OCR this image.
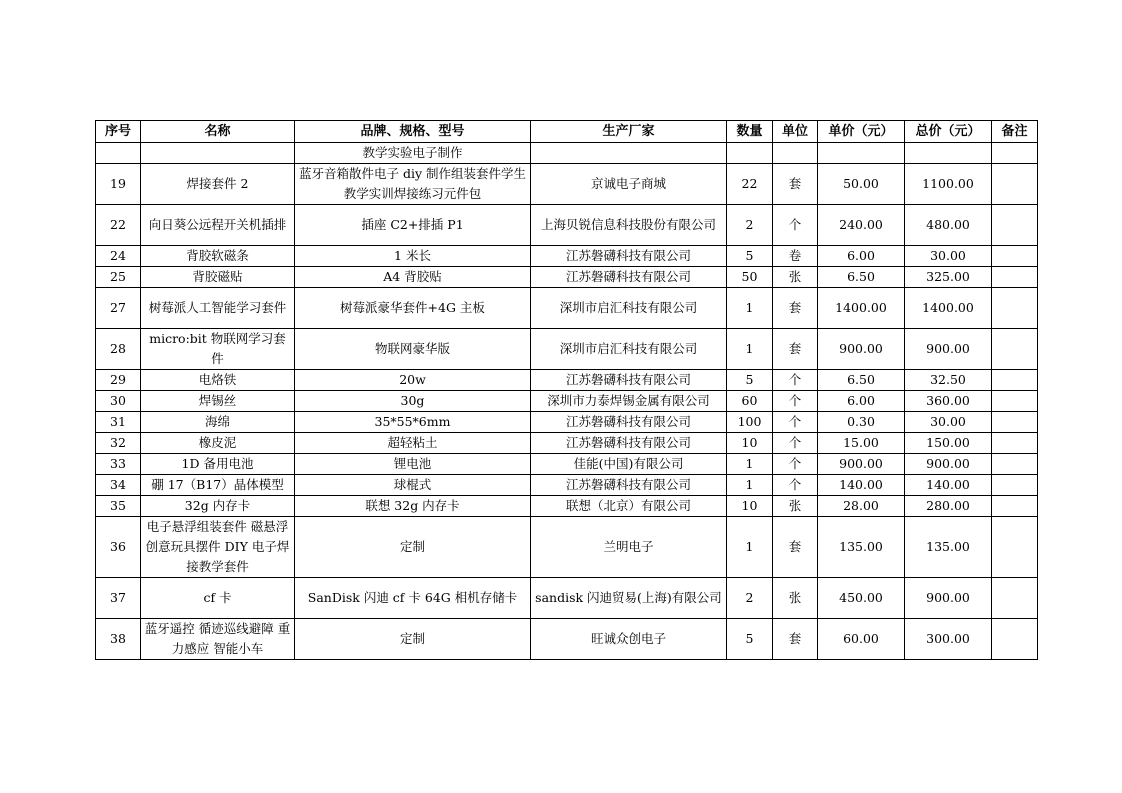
序号	名称	品牌、规格、型号	生产厂家	数量	单位	单价（元）	总价（元）	备注
		教学实验电子制作						
19	焊接套件 2	蓝牙音箱散件电子 diy 制作组装套件学生教学实训焊接练习元件包	京诚电子商城	22	套	50.00	1100.00	
22	向日葵公远程开关机插排	插座 C2+排插 P1	上海贝锐信息科技股份有限公司	2	个	240.00	480.00	
24	背胶软磁条	1 米长	江苏磐礴科技有限公司	5	卷	6.00	30.00	
25	背胶磁贴	A4 背胶贴	江苏磐礴科技有限公司	50	张	6.50	325.00	
27	树莓派人工智能学习套件	树莓派豪华套件+4G 主板	深圳市启汇科技有限公司	1	套	1400.00	1400.00	
28	micro:bit 物联网学习套件	物联网豪华版	深圳市启汇科技有限公司	1	套	900.00	900.00	
29	电烙铁	20w	江苏磐礴科技有限公司	5	个	6.50	32.50	
30	焊锡丝	30g	深圳市力泰焊锡金属有限公司	60	个	6.00	360.00	
31	海绵	35*55*6mm	江苏磐礴科技有限公司	100	个	0.30	30.00	
32	橡皮泥	超轻粘土	江苏磐礴科技有限公司	10	个	15.00	150.00	
33	1D 备用电池	锂电池	佳能(中国)有限公司	1	个	900.00	900.00	
34	硼 17（B17）晶体模型	球棍式	江苏磐礴科技有限公司	1	个	140.00	140.00	
35	32g 内存卡	联想 32g 内存卡	联想（北京）有限公司	10	张	28.00	280.00	
36	电子悬浮组装套件 磁悬浮 创意玩具摆件 DIY 电子焊接教学套件	定制	兰明电子	1	套	135.00	135.00	
37	cf 卡	SanDisk 闪迪 cf 卡 64G 相机存储卡	sandisk 闪迪贸易(上海)有限公司	2	张	450.00	900.00	
38	蓝牙遥控 循迹巡线避障 重力感应 智能小车	定制	旺诚众创电子	5	套	60.00	300.00	
